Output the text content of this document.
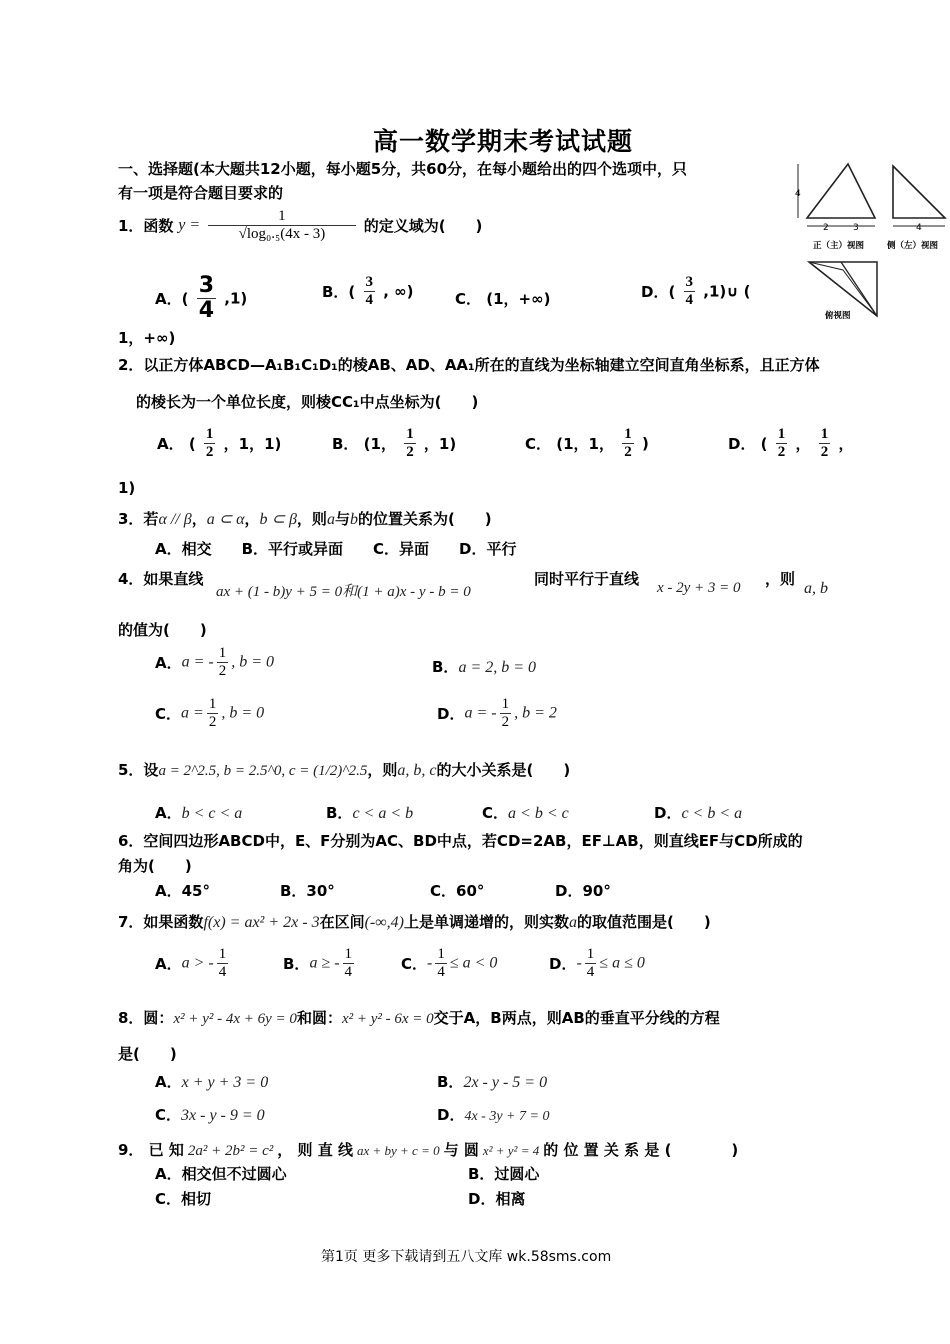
高一数学期末考试试题
一、选择题(本大题共12小题，每小题5分，共60分，在每小题给出的四个选项中，只
有一项是符合题目要求的	4
2	3
正（主）视图
4
侧（左）视图
俯视图
1．函数 $y = \frac{1}{\text{√log₀.₅(4x - 3)}}$ 的定义域为(　　)
A．( $\frac{3}{4} ,1$)	B．( $\frac{3}{4}$ , ∞)	C． (1，+∞)	D．( $\frac{3}{4}$ ,1)∪ (
1，+∞)
2．以正方体ABCD—A₁B₁C₁D₁的棱AB、AD、AA₁所在的直线为坐标轴建立空间直角坐标系，且正方体
的棱长为一个单位长度，则棱CC₁中点坐标为(　　)
A． ( $\frac{1}{2}$ ，1，1)	B． (1， $\frac{1}{2}$ ，1)	C． (1，1， $\frac{1}{2}$ )	D． ( $\frac{1}{2}$ ， $\frac{1}{2}$ ，
1)
3．若α // β，a ⊂ α，b ⊂ β，则a与b的位置关系为(　　)
A．相交　　B．平行或异面　　C．异面　　D．平行
4．如果直线
ax + (1 - b)y + 5 = 0和(1 + a)x - y - b = 0
同时平行于直线 x - 2y + 3 = 0 ，则
a, b
的值为(　　)
A．a = - $\frac{1}{2}$ , b = 0	B．a = 2, b = 0
C．$a = \frac{1}{2}$ , b = 0	D．a = - $\frac{1}{2}$ , b = 2
5．设a = 2^2.5, b = 2.5^0, c = (1/2)^2.5，则a, b, c的大小关系是(　　)
A．b < c < a	B．c < a < b	C．a < b < c	D．c < b < a
6．空间四边形ABCD中，E、F分别为AC、BD中点，若CD=2AB，EF⊥AB，则直线EF与CD所成的
角为(　　)
A．45°	B．30°	C．60°	D．90°
7．如果函数f(x) = ax² + 2x - 3在区间(-∞,4)上是单调递增的，则实数a的取值范围是(　　)
A．a > - $\frac{1}{4}$	B．a ≥ - $\frac{1}{4}$	C．- $\frac{1}{4} \le a < 0$	D．- $\frac{1}{4} \le a \le 0$
8．圆：x² + y² - 4x + 6y = 0和圆：x² + y² - 6x = 0交于A，B两点，则AB的垂直平分线的方程
是(　　)
A．x + y + 3 = 0	B．2x - y - 5 = 0
C．3x - y - 9 = 0	D．4x - 3y + 7 = 0
9． 已 知 2a² + 2b² = c² ， 则 直 线 ax + by + c = 0 与 圆 x² + y² = 4 的 位 置 关 系 是 (　　　　)
A．相交但不过圆心	B．过圆心
C．相切	D．相离
第1页 更多下载请到五八文库 wk.58sms.com
